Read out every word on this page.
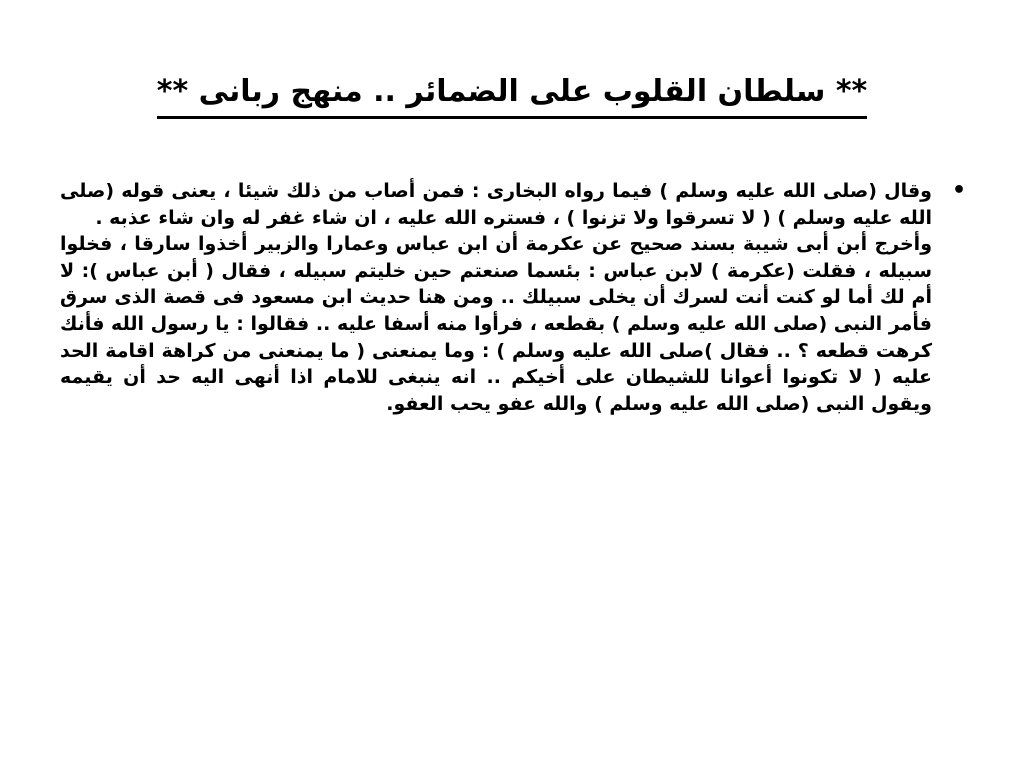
** سلطان القلوب على الضمائر .. منهج ربانى **
•

وقال (صلى الله عليه وسلم ) فيما رواه البخارى : فمن أصاب من ذلك شيئا ، يعنى قوله (صلى الله عليه وسلم ) ( لا تسرقوا ولا تزنوا ) ، فستره الله عليه ، ان شاء غفر له وان شاء عذبه .

وأخرج أبن أبى شيبة بسند صحيح عن عكرمة أن ابن عباس وعمارا والزبير أخذوا سارقا ، فخلوا سبيله ، فقلت (عكرمة ) لابن عباس : بئسما صنعتم حين خليتم سبيله ، فقال ( أبن عباس ): لا أم لك أما لو كنت أنت لسرك أن يخلى سبيلك .. ومن هنا حديث ابن مسعود فى قصة الذى سرق فأمر النبى (صلى الله عليه وسلم ) بقطعه ، فرأوا منه أسفا عليه .. فقالوا : يا رسول الله فأنك كرهت قطعه ؟ .. فقال )صلى الله عليه وسلم ) : وما يمنعنى ( ما يمنعنى من كراهة اقامة الحد عليه ( لا تكونوا أعوانا للشيطان على أخيكم .. انه ينبغى للامام اذا أنهى اليه حد أن يقيمه ويقول النبى (صلى الله عليه وسلم ) والله عفو يحب العفو.
